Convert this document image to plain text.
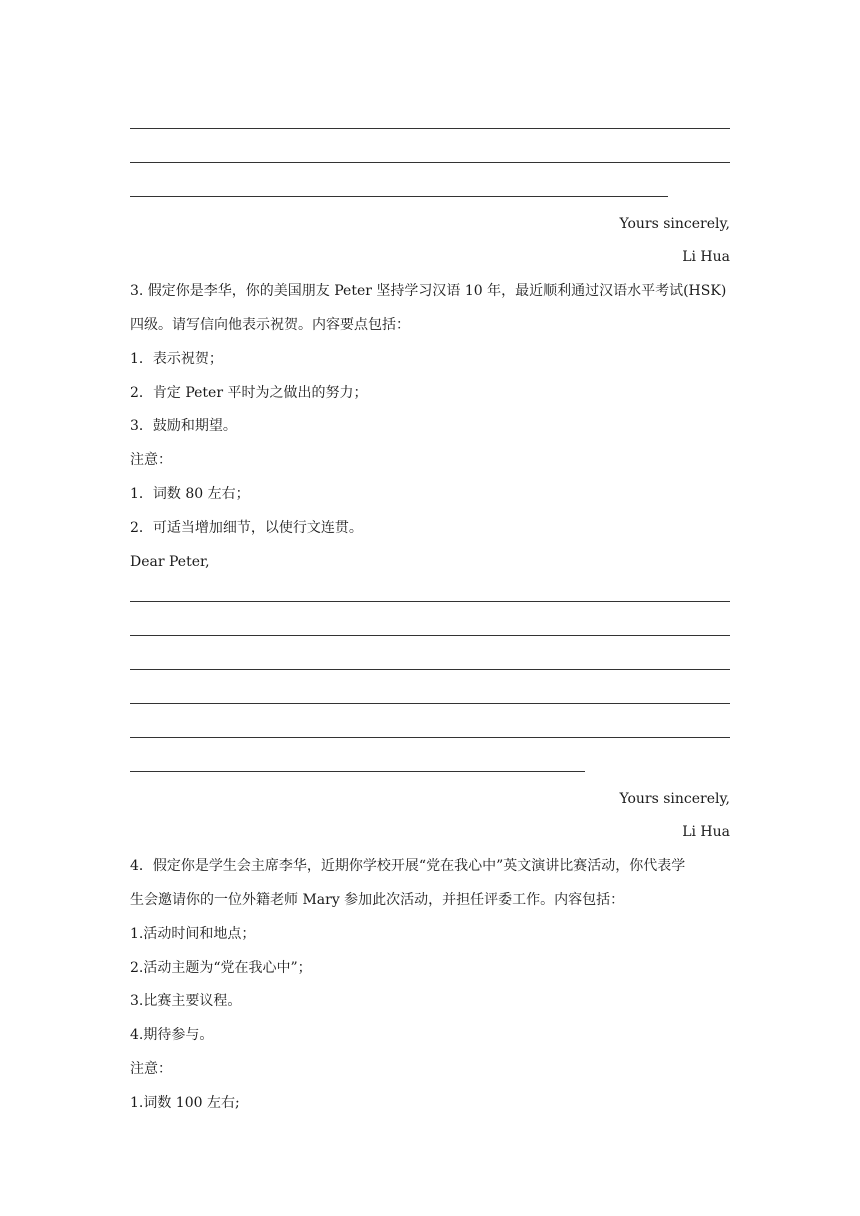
Yours sincerely,
Li Hua
3. 假定你是李华，你的美国朋友 Peter 坚持学习汉语 10 年，最近顺利通过汉语水平考试(HSK)
四级。请写信向他表示祝贺。内容要点包括：
1．表示祝贺；
2．肯定 Peter 平时为之做出的努力；
3．鼓励和期望。
注意：
1．词数 80 左右；
2．可适当增加细节，以使行文连贯。
Dear Peter,
Yours sincerely,
Li Hua
4．假定你是学生会主席李华，近期你学校开展“党在我心中”英文演讲比赛活动，你代表学
生会邀请你的一位外籍老师 Mary 参加此次活动，并担任评委工作。内容包括：
1.活动时间和地点；
2.活动主题为“党在我心中”；
3.比赛主要议程。
4.期待参与。
注意：
1.词数 100 左右;
